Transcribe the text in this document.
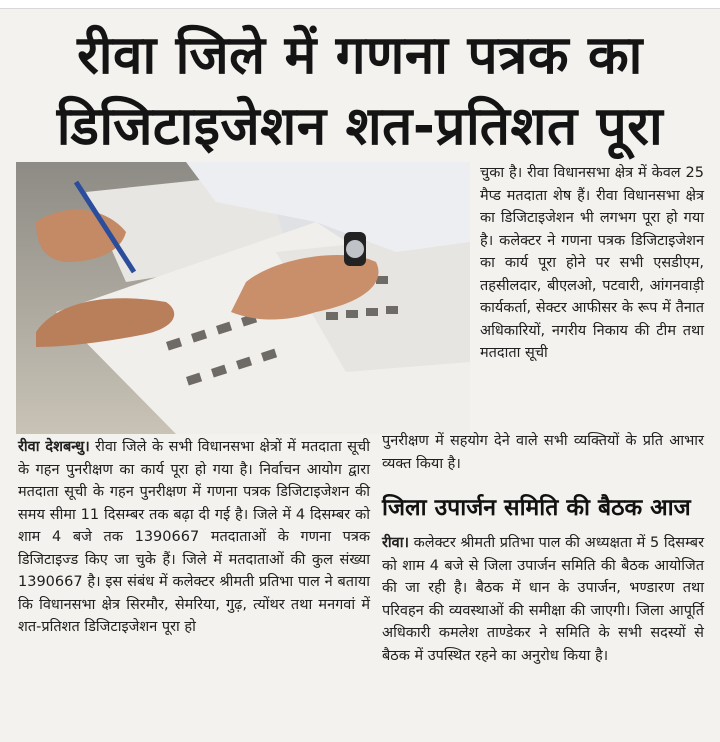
रीवा जिले में गणना पत्रक का
डिजिटाइजेशन शत-प्रतिशत पूरा

चुका है। रीवा विधानसभा क्षेत्र में केवल 25 मैप्ड मतदाता शेष हैं। रीवा विधानसभा क्षेत्र का डिजिटाइजेशन भी लगभग पूरा हो गया है। कलेक्टर ने गणना पत्रक डिजिटाइजेशन का कार्य पूरा होने पर सभी एसडीएम, तहसीलदार, बीएलओ, पटवारी, आंगनवाड़ी कार्यकर्ता, सेक्टर आफीसर के रूप में तैनात अधिकारियों, नगरीय निकाय की टीम तथा मतदाता सूची

पुनरीक्षण में सहयोग देने वाले सभी व्यक्तियों के प्रति आभार व्यक्त किया है।

रीवा देशबन्धु। रीवा जिले के सभी विधानसभा क्षेत्रों में मतदाता सूची के गहन पुनरीक्षण का कार्य पूरा हो गया है। निर्वाचन आयोग द्वारा मतदाता सूची के गहन पुनरीक्षण में गणना पत्रक डिजिटाइजेशन की समय सीमा 11 दिसम्बर तक बढ़ा दी गई है। जिले में 4 दिसम्बर को शाम 4 बजे तक 1390667 मतदाताओं के गणना पत्रक डिजिटाइज्ड किए जा चुके हैं। जिले में मतदाताओं की कुल संख्या 1390667 है। इस संबंध में कलेक्टर श्रीमती प्रतिभा पाल ने बताया कि विधानसभा क्षेत्र सिरमौर, सेमरिया, गुढ़, त्योंथर तथा मनगवां में शत-प्रतिशत डिजिटाइजेशन पूरा हो

जिला उपार्जन समिति की बैठक आज

रीवा। कलेक्टर श्रीमती प्रतिभा पाल की अध्यक्षता में 5 दिसम्बर को शाम 4 बजे से जिला उपार्जन समिति की बैठक आयोजित की जा रही है। बैठक में धान के उपार्जन, भण्डारण तथा परिवहन की व्यवस्थाओं की समीक्षा की जाएगी। जिला आपूर्ति अधिकारी कमलेश ताण्डेकर ने समिति के सभी सदस्यों से बैठक में उपस्थित रहने का अनुरोध किया है।
